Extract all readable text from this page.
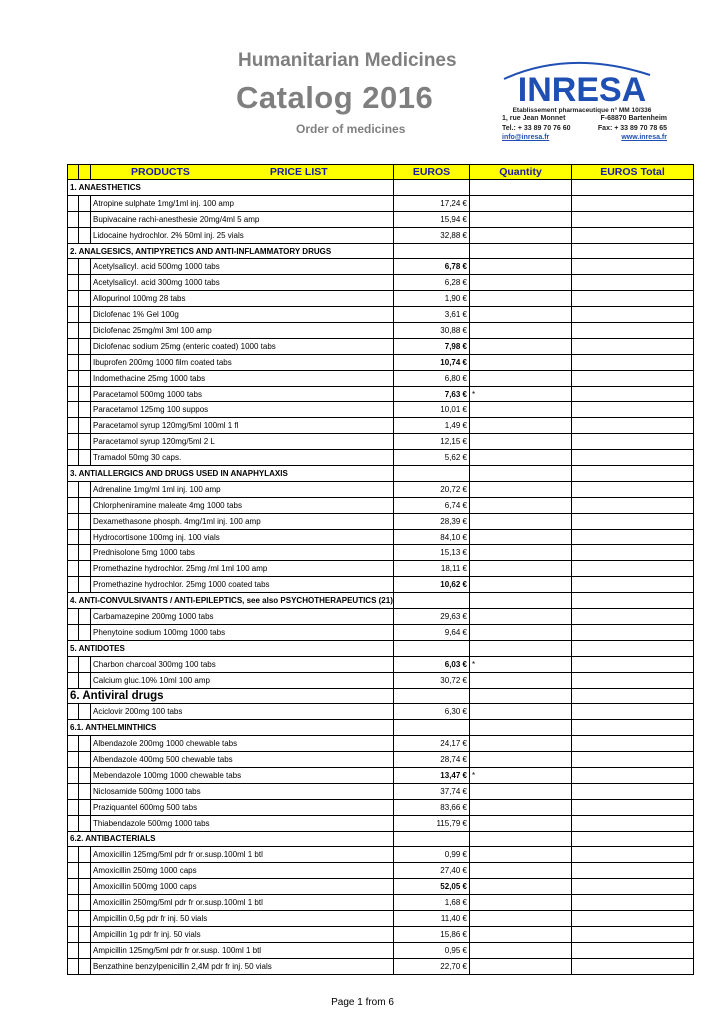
Humanitarian Medicines
Catalog 2016
Order of medicines
INRESA
Etablissement pharmaceutique n° MM 10/336
1, rue Jean Monnet	F-68870 Bartenheim
Tel.: + 33 89 70 76 60	Fax: + 33 89 70 78 65
info@inresa.fr	www.inresa.fr
		PRODUCTS PRICE LIST	EUROS	Quantity	EUROS Total
1. ANAESTHETICS					
		Atropine sulphate 1mg/1ml inj. 100 amp	17,24 €		
		Bupivacaine rachi-anesthesie 20mg/4ml 5 amp	15,94 €		
		Lidocaine hydrochlor. 2% 50ml inj. 25 vials	32,88 €		
2. ANALGESICS, ANTIPYRETICS AND ANTI-INFLAMMATORY DRUGS					
		Acetylsalicyl. acid 500mg 1000 tabs	6,78 €		
		Acetylsalicyl. acid 300mg 1000 tabs	6,28 €		
		Allopurinol 100mg 28 tabs	1,90 €		
		Diclofenac 1% Gel 100g	3,61 €		
		Diclofenac 25mg/ml 3ml 100 amp	30,88 €		
		Diclofenac sodium 25mg (enteric coated) 1000 tabs	7,98 €		
		Ibuprofen 200mg 1000 film coated tabs	10,74 €		
		Indomethacine 25mg 1000 tabs	6,80 €		
		Paracetamol 500mg 1000 tabs	7,63 €	*	
		Paracetamol 125mg 100 suppos	10,01 €		
		Paracetamol syrup 120mg/5ml 100ml 1 fl	1,49 €		
		Paracetamol syrup 120mg/5ml 2 L	12,15 €		
		Tramadol 50mg 30 caps.	5,62 €		
3. ANTIALLERGICS AND DRUGS USED IN ANAPHYLAXIS					
		Adrenaline 1mg/ml 1ml inj. 100 amp	20,72 €		
		Chlorpheniramine maleate 4mg 1000 tabs	6,74 €		
		Dexamethasone phosph. 4mg/1ml inj. 100 amp	28,39 €		
		Hydrocortisone 100mg inj. 100 vials	84,10 €		
		Prednisolone 5mg 1000 tabs	15,13 €		
		Promethazine hydrochlor. 25mg /ml 1ml 100 amp	18,11 €		
		Promethazine hydrochlor. 25mg 1000 coated tabs	10,62 €		
4. ANTI-CONVULSIVANTS / ANTI-EPILEPTICS, see also PSYCHOTHERAPEUTICS (21)					
		Carbamazepine 200mg 1000 tabs	29,63 €		
		Phenytoine sodium 100mg 1000 tabs	9,64 €		
5. ANTIDOTES					
		Charbon charcoal 300mg 100 tabs	6,03 €	*	
		Calcium gluc.10% 10ml 100 amp	30,72 €		
6. Antiviral drugs					
		Aciclovir 200mg 100 tabs	6,30 €		
6.1. ANTHELMINTHICS					
		Albendazole 200mg 1000 chewable tabs	24,17 €		
		Albendazole 400mg 500 chewable tabs	28,74 €		
		Mebendazole 100mg 1000 chewable tabs	13,47 €	*	
		Niclosamide 500mg 1000 tabs	37,74 €		
		Praziquantel 600mg 500 tabs	83,66 €		
		Thiabendazole 500mg 1000 tabs	115,79 €		
6.2. ANTIBACTERIALS					
		Amoxicillin 125mg/5ml pdr fr or.susp.100ml 1 btl	0,99 €		
		Amoxicillin 250mg 1000 caps	27,40 €		
		Amoxicillin 500mg 1000 caps	52,05 €		
		Amoxicillin 250mg/5ml pdr fr or.susp.100ml 1 btl	1,68 €		
		Ampicillin 0,5g pdr fr inj. 50 vials	11,40 €		
		Ampicillin 1g pdr fr inj. 50 vials	15,86 €		
		Ampicillin 125mg/5ml pdr fr or.susp. 100ml 1 btl	0,95 €		
		Benzathine benzylpenicillin 2,4M pdr fr inj. 50 vials	22,70 €		
Page 1 from 6
